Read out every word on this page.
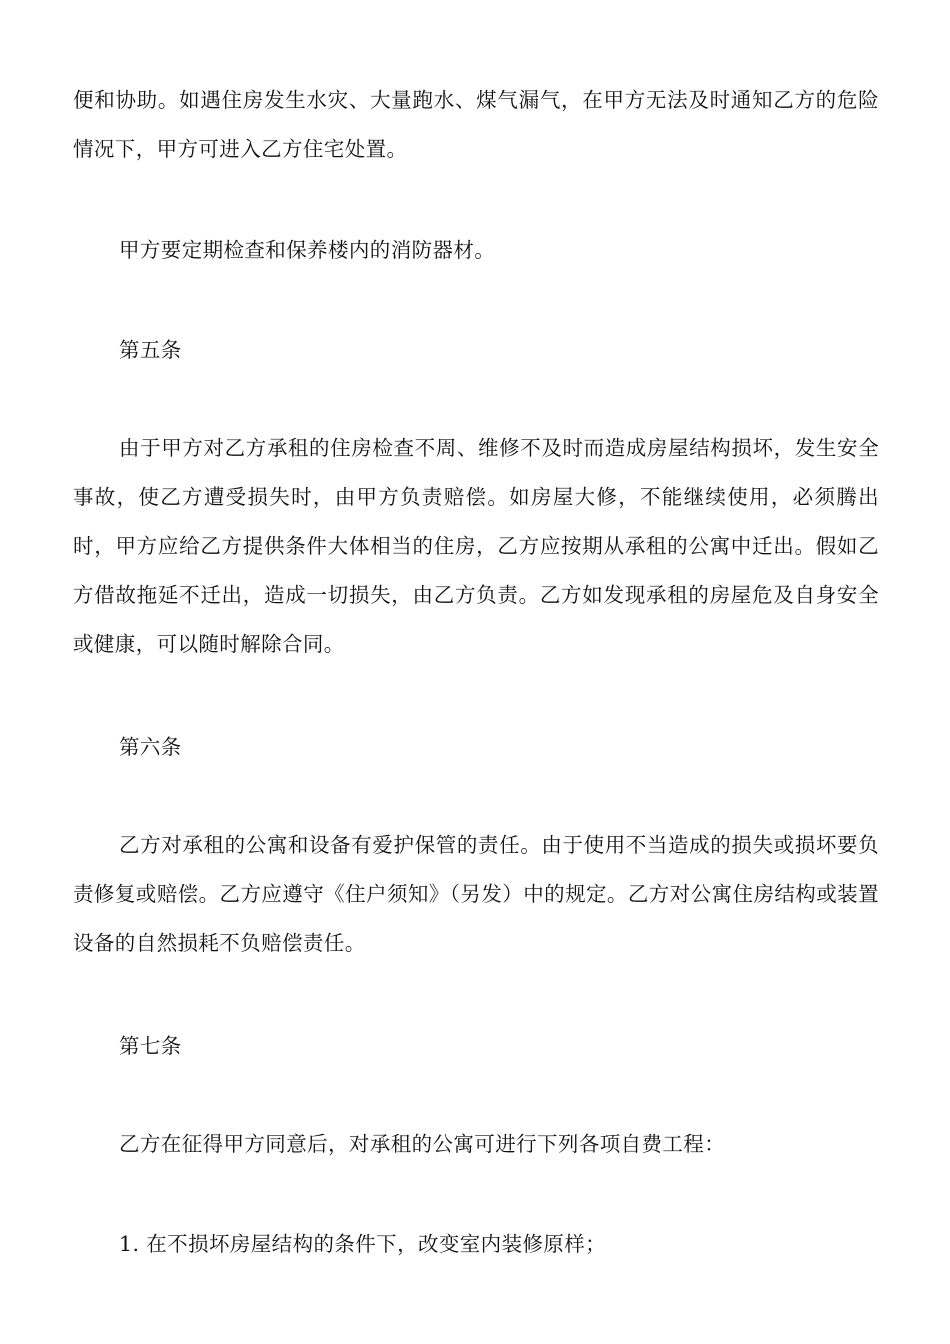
便和协助。如遇住房发生水灾、大量跑水、煤气漏气，在甲方无法及时通知乙方的危险情况下，甲方可进入乙方住宅处置。

甲方要定期检查和保养楼内的消防器材。

第五条

由于甲方对乙方承租的住房检查不周、维修不及时而造成房屋结构损坏，发生安全事故，使乙方遭受损失时，由甲方负责赔偿。如房屋大修，不能继续使用，必须腾出时，甲方应给乙方提供条件大体相当的住房，乙方应按期从承租的公寓中迁出。假如乙方借故拖延不迁出，造成一切损失，由乙方负责。乙方如发现承租的房屋危及自身安全或健康，可以随时解除合同。

第六条

乙方对承租的公寓和设备有爱护保管的责任。由于使用不当造成的损失或损坏要负责修复或赔偿。乙方应遵守《住户须知》（另发）中的规定。乙方对公寓住房结构或装置设备的自然损耗不负赔偿责任。

第七条

乙方在征得甲方同意后，对承租的公寓可进行下列各项自费工程：

1. 在不损坏房屋结构的条件下，改变室内装修原样；
